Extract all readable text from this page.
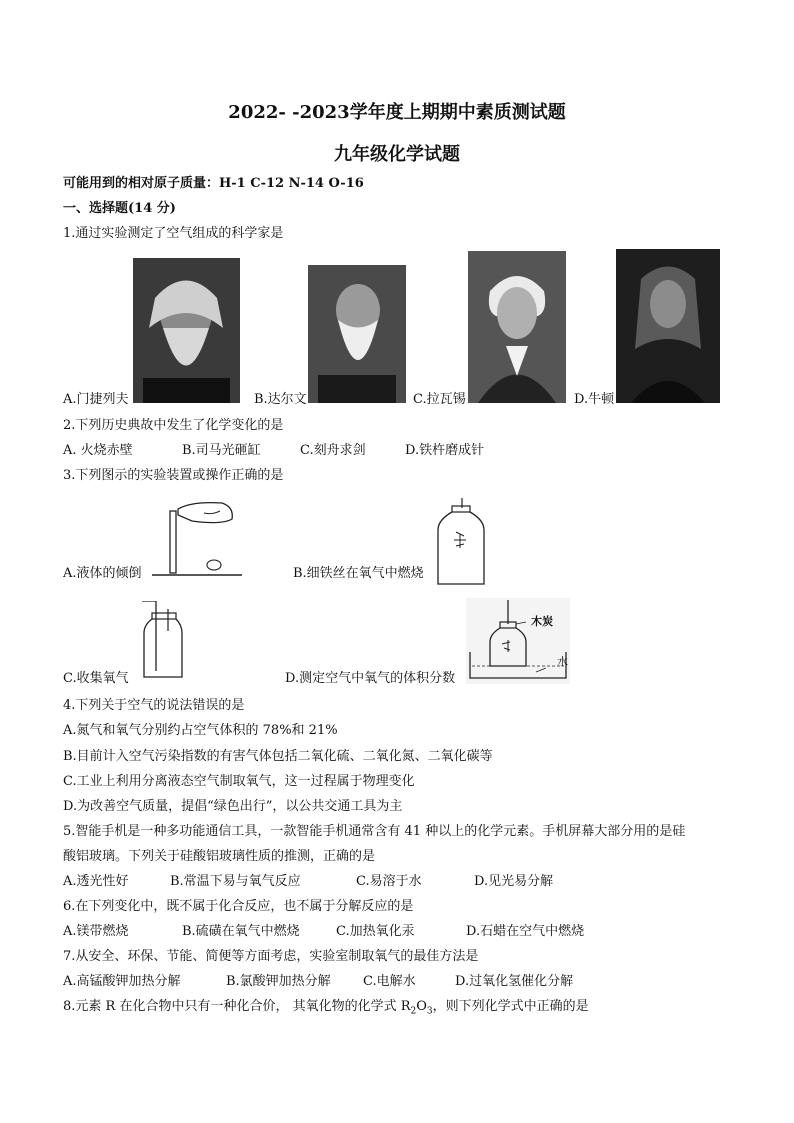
2022- -2023学年度上期期中素质测试题
九年级化学试题
可能用到的相对原子质量：H-1 C-12 N-14 O-16
一、选择题(14 分)
1.通过实验测定了空气组成的科学家是
A.门捷列夫	B.达尔文	C.拉瓦锡	D.牛顿
2.下列历史典故中发生了化学变化的是
A. 火烧赤壁	B.司马光砸缸	C.刻舟求剑	D.铁杵磨成针
3.下列图示的实验装置或操作正确的是
A.液体的倾倒	B.细铁丝在氧气中燃烧
C.收集氧气
木炭
水
D.测定空气中氧气的体积分数
4.下列关于空气的说法错误的是
A.氮气和氧气分别约占空气体积的 78%和 21%
B.目前计入空气污染指数的有害气体包括二氧化硫、二氧化氮、二氧化碳等
C.工业上利用分离液态空气制取氧气，这一过程属于物理变化
D.为改善空气质量，提倡“绿色出行”，以公共交通工具为主
5.智能手机是一种多功能通信工具，一款智能手机通常含有 41 种以上的化学元素。手机屏幕大部分用的是硅
酸铝玻璃。下列关于硅酸铝玻璃性质的推测，正确的是
A.透光性好	B.常温下易与氧气反应	C.易溶于水	D.见光易分解
6.在下列变化中，既不属于化合反应，也不属于分解反应的是
A.镁带燃烧	B.硫磺在氧气中燃烧	C.加热氧化汞	D.石蜡在空气中燃烧
7.从安全、环保、节能、简便等方面考虑，实验室制取氧气的最佳方法是
A.高锰酸钾加热分解	B.氯酸钾加热分解 C.电解水	D.过氧化氢催化分解
8.元素 R 在化合物中只有一种化合价， 其氧化物的化学式 $R_2O_3$，则下列化学式中正确的是
